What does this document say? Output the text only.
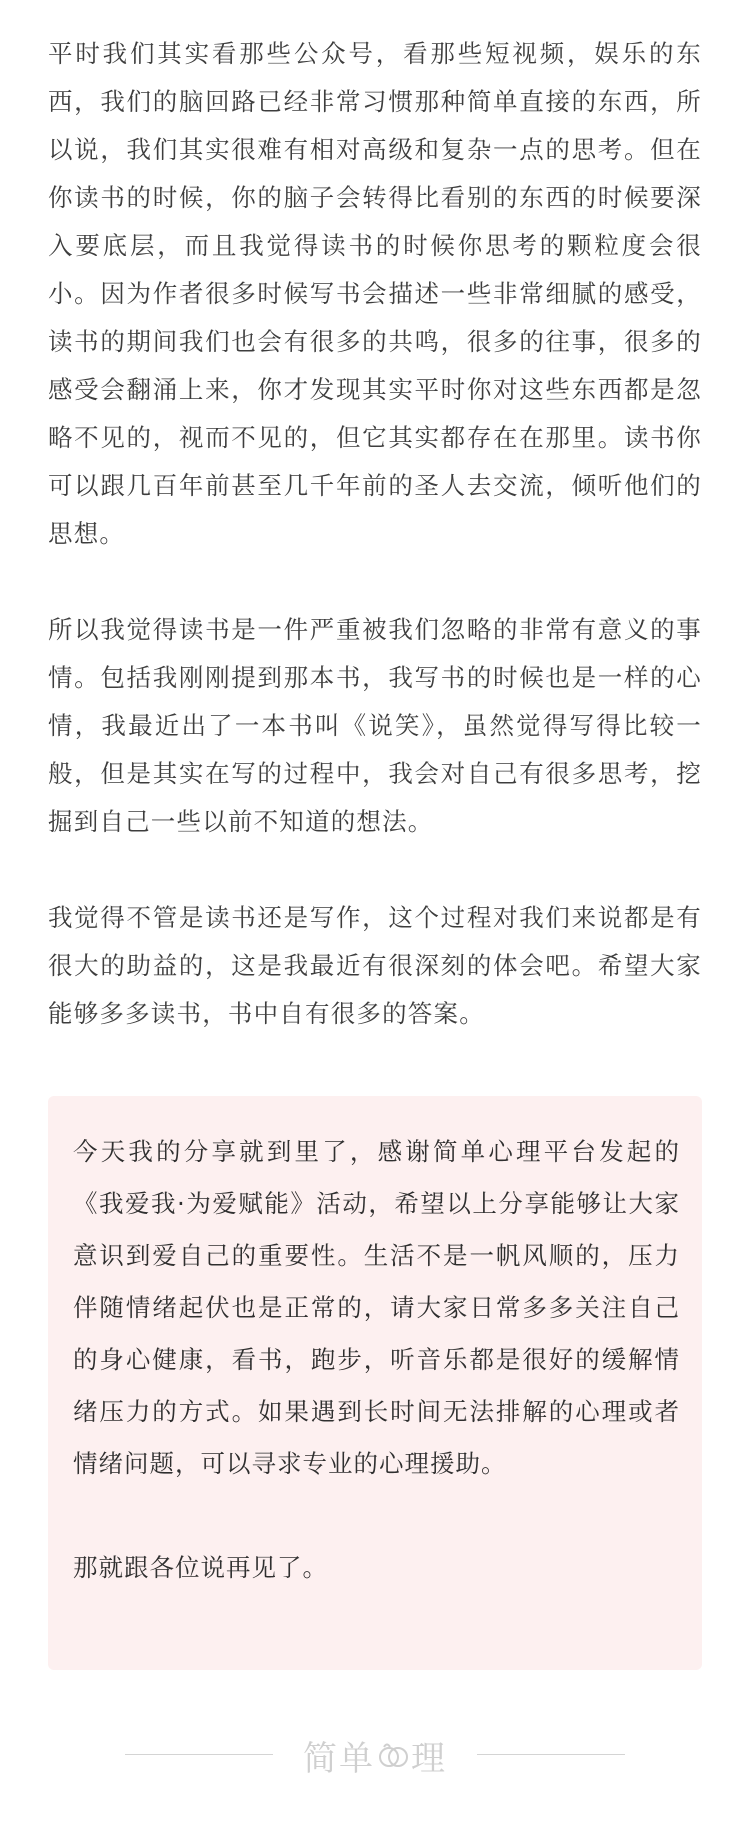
平时我们其实看那些公众号，看那些短视频，娱乐的东西，我们的脑回路已经非常习惯那种简单直接的东西，所以说，我们其实很难有相对高级和复杂一点的思考。但在你读书的时候，你的脑子会转得比看别的东西的时候要深入要底层，而且我觉得读书的时候你思考的颗粒度会很小。因为作者很多时候写书会描述一些非常细腻的感受，读书的期间我们也会有很多的共鸣，很多的往事，很多的感受会翻涌上来，你才发现其实平时你对这些东西都是忽略不见的，视而不见的，但它其实都存在在那里。读书你可以跟几百年前甚至几千年前的圣人去交流，倾听他们的思想。

所以我觉得读书是一件严重被我们忽略的非常有意义的事情。包括我刚刚提到那本书，我写书的时候也是一样的心情，我最近出了一本书叫《说笑》，虽然觉得写得比较一般，但是其实在写的过程中，我会对自己有很多思考，挖掘到自己一些以前不知道的想法。

我觉得不管是读书还是写作，这个过程对我们来说都是有很大的助益的，这是我最近有很深刻的体会吧。希望大家能够多多读书，书中自有很多的答案。

今天我的分享就到里了，感谢简单心理平台发起的《我爱我·为爱赋能》活动，希望以上分享能够让大家意识到爱自己的重要性。生活不是一帆风顺的，压力伴随情绪起伏也是正常的，请大家日常多多关注自己的身心健康，看书，跑步，听音乐都是很好的缓解情绪压力的方式。如果遇到长时间无法排解的心理或者情绪问题，可以寻求专业的心理援助。

那就跟各位说再见了。

简单 理
